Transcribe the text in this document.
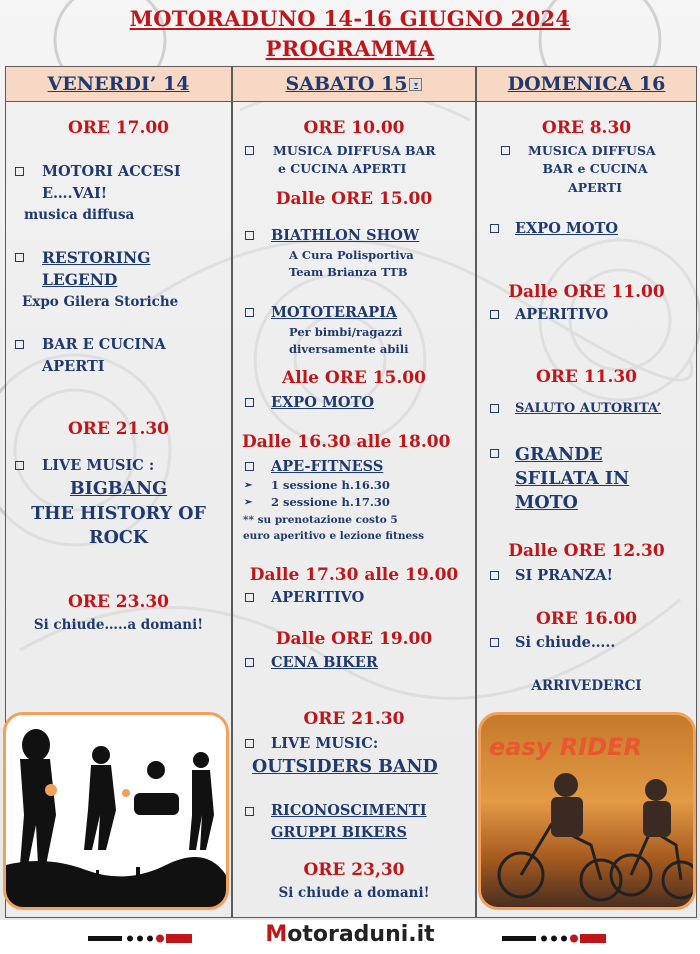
MOTORADUNO 14-16 GIUGNO 2024
PROGRAMMA
VENERDI’ 14	SABATO 15 ▾	DOMENICA 16
ORE 17.00
MOTORI ACCESI
E….VAI!
musica diffusa
RESTORING
LEGEND
Expo Gilera Storiche
BAR E CUCINA
APERTI
ORE 21.30
LIVE MUSIC :
BIGBANG
THE HISTORY OF
ROCK
ORE 23.30
Si chiude…..a domani!
ORE 10.00
MUSICA DIFFUSA BAR
e CUCINA APERTI
Dalle ORE 15.00
BIATHLON SHOW
A Cura Polisportiva
Team Brianza TTB
MOTOTERAPIA
Per bimbi/ragazzi
diversamente abili
Alle ORE 15.00
EXPO MOTO
Dalle 16.30 alle 18.00
APE-FITNESS
➢ 1 sessione h.16.30
➢ 2 sessione h.17.30
** su prenotazione costo 5
euro aperitivo e lezione fitness
Dalle 17.30 alle 19.00
APERITIVO
Dalle ORE 19.00
CENA BIKER
ORE 21.30
LIVE MUSIC:
OUTSIDERS BAND
RICONOSCIMENTI
GRUPPI BIKERS
ORE 23,30
Si chiude a domani!
ORE 8.30
MUSICA DIFFUSA
BAR e CUCINA
APERTI
EXPO MOTO
Dalle ORE 11.00
APERITIVO
ORE 11.30
SALUTO AUTORITA’
GRANDE
SFILATA IN
MOTO
Dalle ORE 12.30
SI PRANZA!
ORE 16.00
Si chiude…..
ARRIVEDERCI
easy RIDER
Motoraduni.it
